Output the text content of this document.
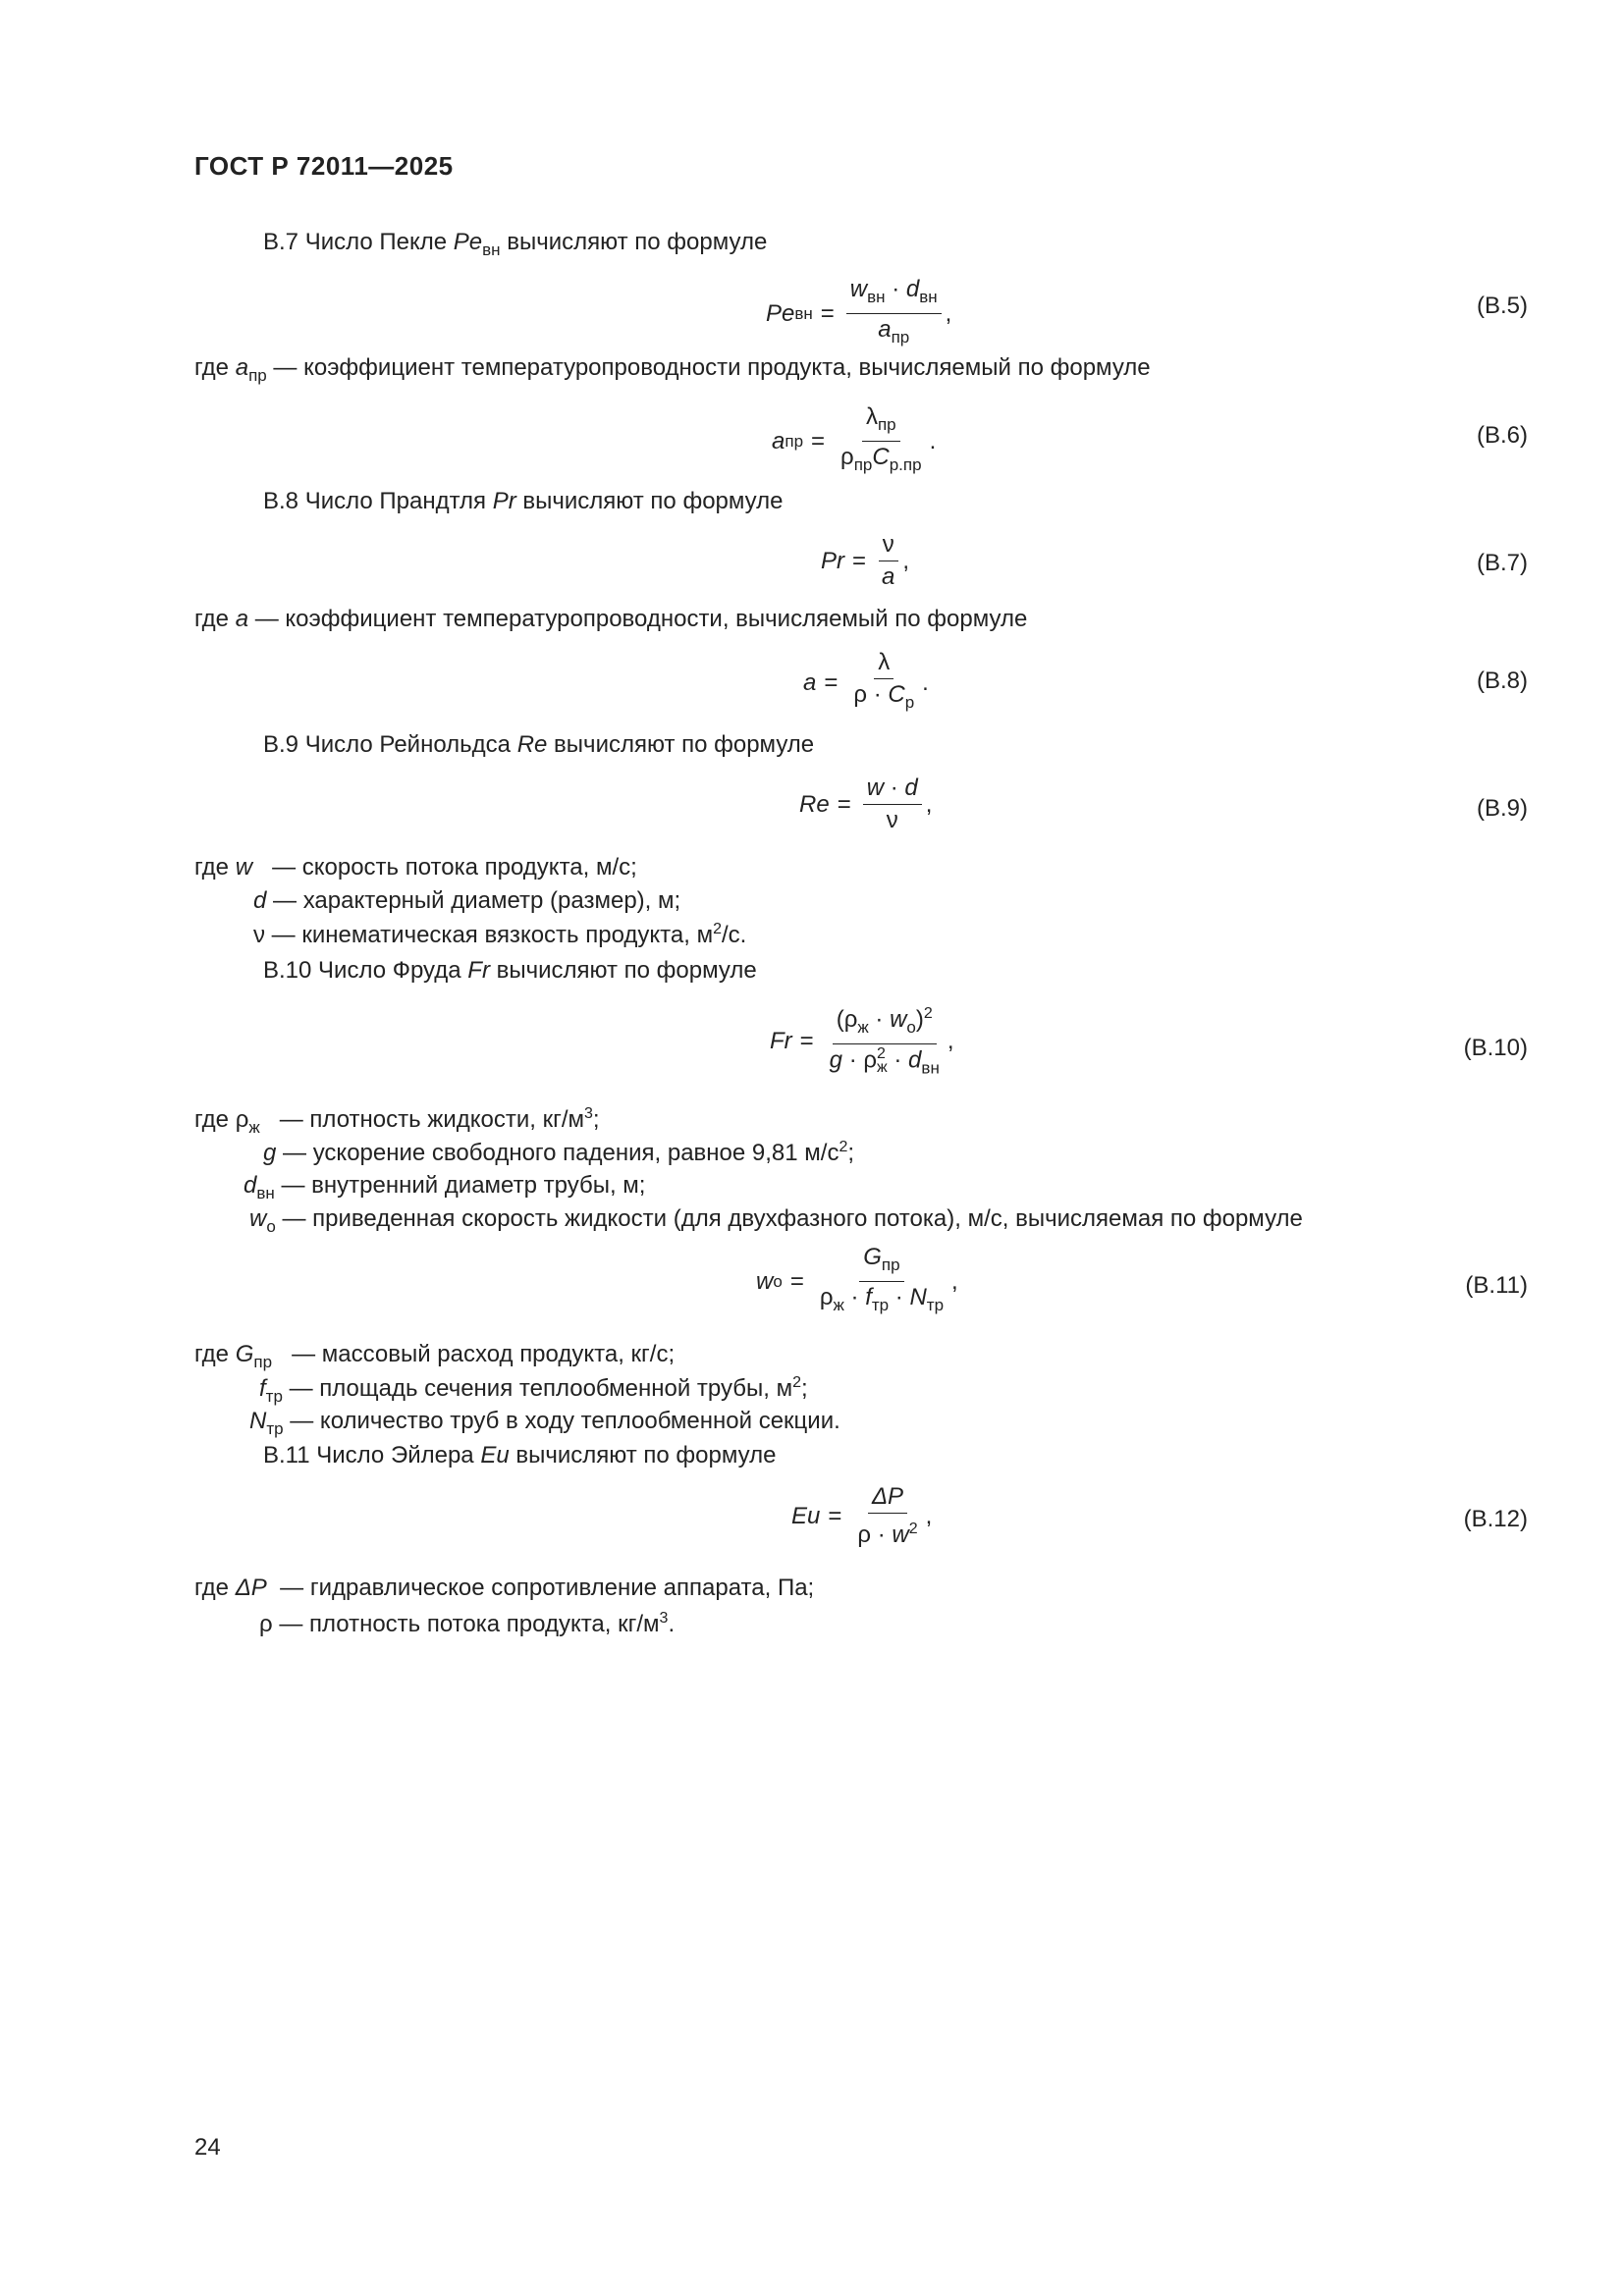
ГОСТ Р 72011—2025
В.7 Число Пекле $Pe_{вн}$ вычисляют по формуле
Pe вн = $\frac{w_{вн} \cdot d_{вн}}{a_{пр}}$ ,	(В.5)
где $a_{пр}$ — коэффициент температуропроводности продукта, вычисляемый по формуле
a пр = $\frac{\lambda_{пр}}{\rho_{пр}C_{р.пр}}$ .	(В.6)
В.8 Число Прандтля Pr вычисляют по формуле
$Pr = \frac{\nu}{a}$ ,	(В.7)
где a — коэффициент температуропроводности, вычисляемый по формуле
$a = \frac{\lambda}{\rho \cdot C_р}$ .	(В.8)
В.9 Число Рейнольдса Re вычисляют по формуле
$Re = \frac{w \cdot d}{\nu}$ ,	(В.9)
где w — скорость потока продукта, м/с;
d — характерный диаметр (размер), м;
ν — кинематическая вязкость продукта, $м^2/с$.
В.10 Число Фруда Fr вычисляют по формуле
$Fr = (\rho_ж \cdot w_о)^2$
g · ρ 2
$ж \cdot d_{вн}$ ,	(В.10)
где $\rho_ж$ — плотность жидкости, $кг/м^3$;
g — ускорение свободного падения, равное 9,81 $м/с^2$;
$d_{вн}$ — внутренний диаметр трубы, м;
$w_о$ — приведенная скорость жидкости (для двухфазного потока), м/с, вычисляемая по формуле
w $о = \frac{G_{пр}}{\rho_ж \cdot f_{тр} \cdot N_{тр}}$ ,	(В.11)
где $G_{пр}$ — массовый расход продукта, кг/с;
$f_{тр}$ — площадь сечения теплообменной трубы, $м^2$;
$N_{тр}$ — количество труб в ходу теплообменной секции.
В.11 Число Эйлера Eu вычисляют по формуле
$Eu = \frac{\Delta P}{\rho \cdot w^2}$ ,	(В.12)
где ΔP — гидравлическое сопротивление аппарата, Па;
ρ — плотность потока продукта, $кг/м^3$.
24
